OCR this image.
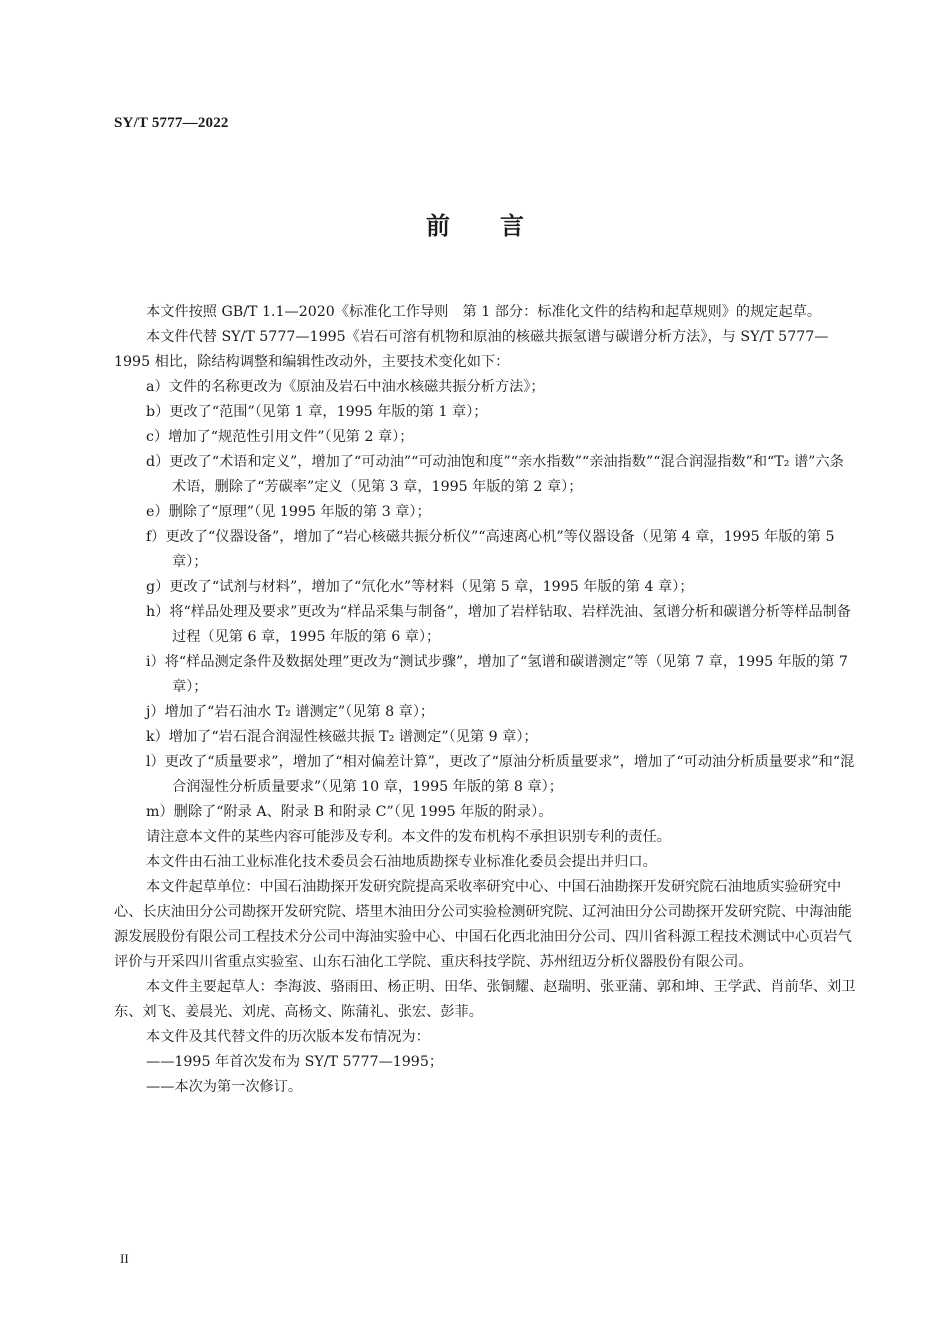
SY/T 5777—2022
前言

本文件按照 GB/T 1.1—2020《标准化工作导则　第 1 部分：标准化文件的结构和起草规则》的规定起草。

本文件代替 SY/T 5777—1995《岩石可溶有机物和原油的核磁共振氢谱与碳谱分析方法》，与 SY/T 5777—1995 相比，除结构调整和编辑性改动外，主要技术变化如下：

a）文件的名称更改为《原油及岩石中油水核磁共振分析方法》；

b）更改了“范围”（见第 1 章，1995 年版的第 1 章）；

c）增加了“规范性引用文件”（见第 2 章）；

d）更改了“术语和定义”，增加了“可动油”“可动油饱和度”“亲水指数”“亲油指数”“混合润湿指数”和“T₂ 谱”六条术语，删除了“芳碳率”定义（见第 3 章，1995 年版的第 2 章）；

e）删除了“原理”（见 1995 年版的第 3 章）；

f）更改了“仪器设备”，增加了“岩心核磁共振分析仪”“高速离心机”等仪器设备（见第 4 章，1995 年版的第 5 章）；

g）更改了“试剂与材料”，增加了“氘化水”等材料（见第 5 章，1995 年版的第 4 章）；

h）将“样品处理及要求”更改为“样品采集与制备”，增加了岩样钻取、岩样洗油、氢谱分析和碳谱分析等样品制备过程（见第 6 章，1995 年版的第 6 章）；

i）将“样品测定条件及数据处理”更改为“测试步骤”，增加了“氢谱和碳谱测定”等（见第 7 章，1995 年版的第 7 章）；

j）增加了“岩石油水 T₂ 谱测定”（见第 8 章）；

k）增加了“岩石混合润湿性核磁共振 T₂ 谱测定”（见第 9 章）；

l）更改了“质量要求”，增加了“相对偏差计算”，更改了“原油分析质量要求”，增加了“可动油分析质量要求”和“混合润湿性分析质量要求”（见第 10 章，1995 年版的第 8 章）；

m）删除了“附录 A、附录 B 和附录 C”（见 1995 年版的附录）。

请注意本文件的某些内容可能涉及专利。本文件的发布机构不承担识别专利的责任。

本文件由石油工业标准化技术委员会石油地质勘探专业标准化委员会提出并归口。

本文件起草单位：中国石油勘探开发研究院提高采收率研究中心、中国石油勘探开发研究院石油地质实验研究中心、长庆油田分公司勘探开发研究院、塔里木油田分公司实验检测研究院、辽河油田分公司勘探开发研究院、中海油能源发展股份有限公司工程技术分公司中海油实验中心、中国石化西北油田分公司、四川省科源工程技术测试中心页岩气评价与开采四川省重点实验室、山东石油化工学院、重庆科技学院、苏州纽迈分析仪器股份有限公司。

本文件主要起草人：李海波、骆雨田、杨正明、田华、张铜耀、赵瑞明、张亚蒲、郭和坤、王学武、肖前华、刘卫东、刘飞、姜晨光、刘虎、高杨文、陈蒲礼、张宏、彭菲。

本文件及其代替文件的历次版本发布情况为：

——1995 年首次发布为 SY/T 5777—1995；

——本次为第一次修订。

II
